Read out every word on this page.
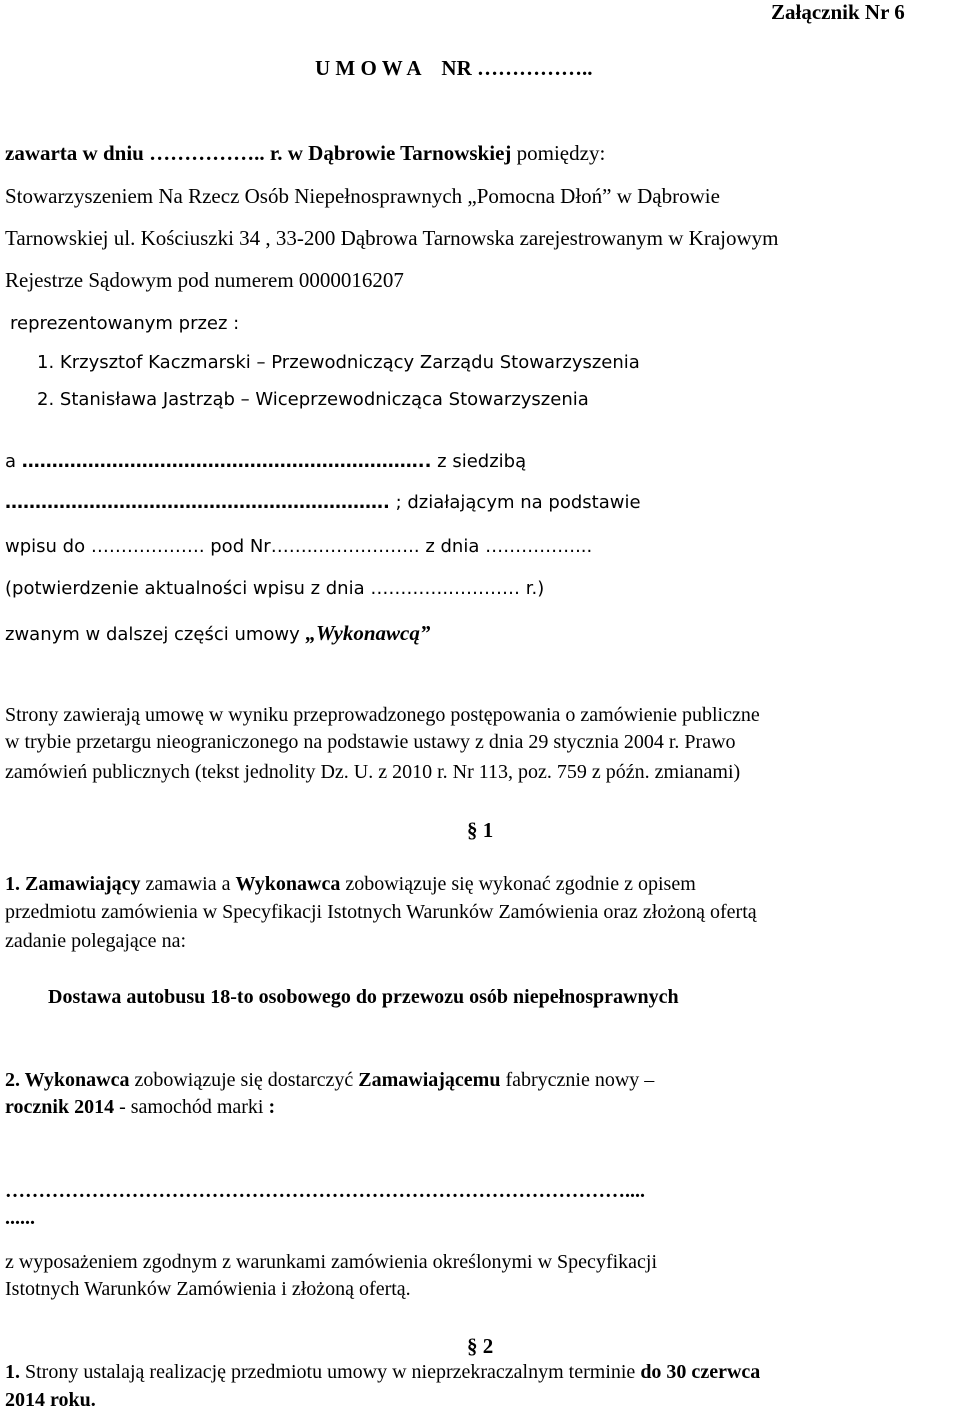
Załącznik Nr 6

U M O W A    NR ……………..

zawarta w dniu …………….. r. w Dąbrowie Tarnowskiej pomiędzy:

Stowarzyszeniem Na Rzecz Osób Niepełnosprawnych „Pomocna Dłoń” w Dąbrowie

Tarnowskiej ul. Kościuszki 34 , 33-200 Dąbrowa Tarnowska zarejestrowanym w Krajowym

Rejestrze Sądowym pod numerem 0000016207

reprezentowanym przez :

1. Krzysztof Kaczmarski – Przewodniczący Zarządu Stowarzyszenia
2. Stanisława Jastrząb – Wiceprzewodnicząca Stowarzyszenia

a ………………………………………………………….. z siedzibą

………………………………………………………. ; działającym na podstawie

wpisu do ………………. pod Nr……..…………….. z dnia ……………...

(potwierdzenie aktualności wpisu z dnia ………….………… r.)

zwanym w dalszej części umowy „Wykonawcą”

Strony zawierają umowę w wyniku przeprowadzonego postępowania o zamówienie publiczne

w trybie przetargu nieograniczonego na podstawie ustawy z dnia 29 stycznia 2004 r. Prawo

zamówień publicznych (tekst jednolity Dz. U. z 2010 r. Nr 113, poz. 759 z późn. zmianami)

§ 1

1. Zamawiający zamawia a Wykonawca zobowiązuje się wykonać zgodnie z opisem

przedmiotu zamówienia w Specyfikacji Istotnych Warunków Zamówienia oraz złożoną ofertą

zadanie polegające na:

Dostawa autobusu 18-to osobowego do przewozu osób niepełnosprawnych

2. Wykonawca zobowiązuje się dostarczyć Zamawiającemu fabrycznie nowy –

rocznik 2014 - samochód marki :

…………………………………………………………………………………....

......

z wyposażeniem zgodnym z warunkami zamówienia określonymi w Specyfikacji

Istotnych Warunków Zamówienia i złożoną ofertą.

§ 2

1. Strony ustalają realizację przedmiotu umowy w nieprzekraczalnym terminie do 30 czerwca

2014 roku.
